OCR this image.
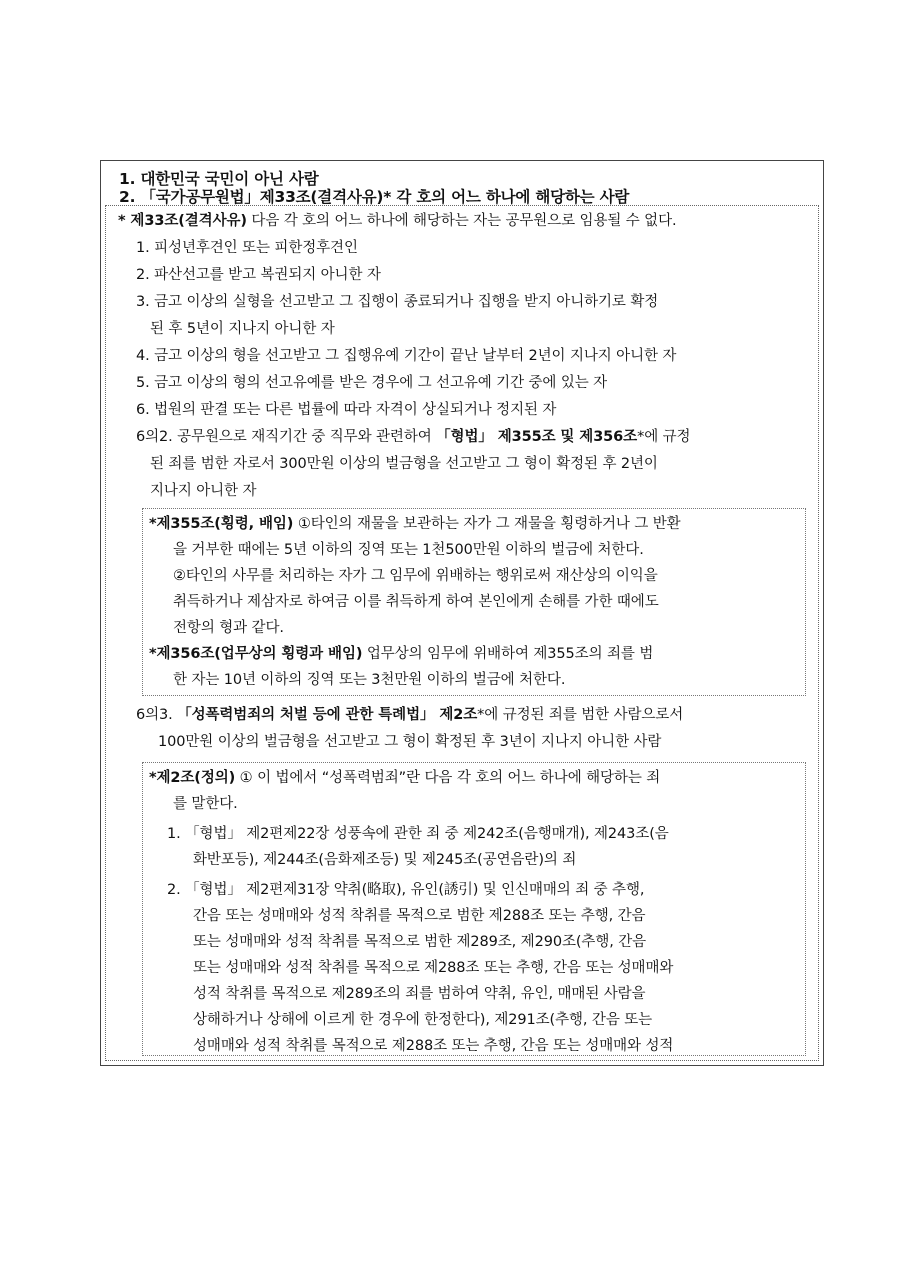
1. 대한민국 국민이 아닌 사람
2. 「국가공무원법」제33조(결격사유)* 각 호의 어느 하나에 해당하는 사람
* 제33조(결격사유) 다음 각 호의 어느 하나에 해당하는 자는 공무원으로 임용될 수 없다.
1. 피성년후견인 또는 피한정후견인
2. 파산선고를 받고 복권되지 아니한 자
3. 금고 이상의 실형을 선고받고 그 집행이 종료되거나 집행을 받지 아니하기로 확정
된 후 5년이 지나지 아니한 자
4. 금고 이상의 형을 선고받고 그 집행유예 기간이 끝난 날부터 2년이 지나지 아니한 자
5. 금고 이상의 형의 선고유예를 받은 경우에 그 선고유예 기간 중에 있는 자
6. 법원의 판결 또는 다른 법률에 따라 자격이 상실되거나 정지된 자
6의2. 공무원으로 재직기간 중 직무와 관련하여 「형법」 제355조 및 제356조*에 규정
된 죄를 범한 자로서 300만원 이상의 벌금형을 선고받고 그 형이 확정된 후 2년이
지나지 아니한 자
*제355조(횡령, 배임) ①타인의 재물을 보관하는 자가 그 재물을 횡령하거나 그 반환
을 거부한 때에는 5년 이하의 징역 또는 1천500만원 이하의 벌금에 처한다.
②타인의 사무를 처리하는 자가 그 임무에 위배하는 행위로써 재산상의 이익을
취득하거나 제삼자로 하여금 이를 취득하게 하여 본인에게 손해를 가한 때에도
전항의 형과 같다.
*제356조(업무상의 횡령과 배임) 업무상의 임무에 위배하여 제355조의 죄를 범
한 자는 10년 이하의 징역 또는 3천만원 이하의 벌금에 처한다.
6의3. 「성폭력범죄의 처벌 등에 관한 특례법」 제2조*에 규정된 죄를 범한 사람으로서
100만원 이상의 벌금형을 선고받고 그 형이 확정된 후 3년이 지나지 아니한 사람
*제2조(정의) ① 이 법에서 “성폭력범죄”란 다음 각 호의 어느 하나에 해당하는 죄
를 말한다.
1. 「형법」 제2편제22장 성풍속에 관한 죄 중 제242조(음행매개), 제243조(음
화반포등), 제244조(음화제조등) 및 제245조(공연음란)의 죄
2. 「형법」 제2편제31장 약취(略取), 유인(誘引) 및 인신매매의 죄 중 추행,
간음 또는 성매매와 성적 착취를 목적으로 범한 제288조 또는 추행, 간음
또는 성매매와 성적 착취를 목적으로 범한 제289조, 제290조(추행, 간음
또는 성매매와 성적 착취를 목적으로 제288조 또는 추행, 간음 또는 성매매와
성적 착취를 목적으로 제289조의 죄를 범하여 약취, 유인, 매매된 사람을
상해하거나 상해에 이르게 한 경우에 한정한다), 제291조(추행, 간음 또는
성매매와 성적 착취를 목적으로 제288조 또는 추행, 간음 또는 성매매와 성적
